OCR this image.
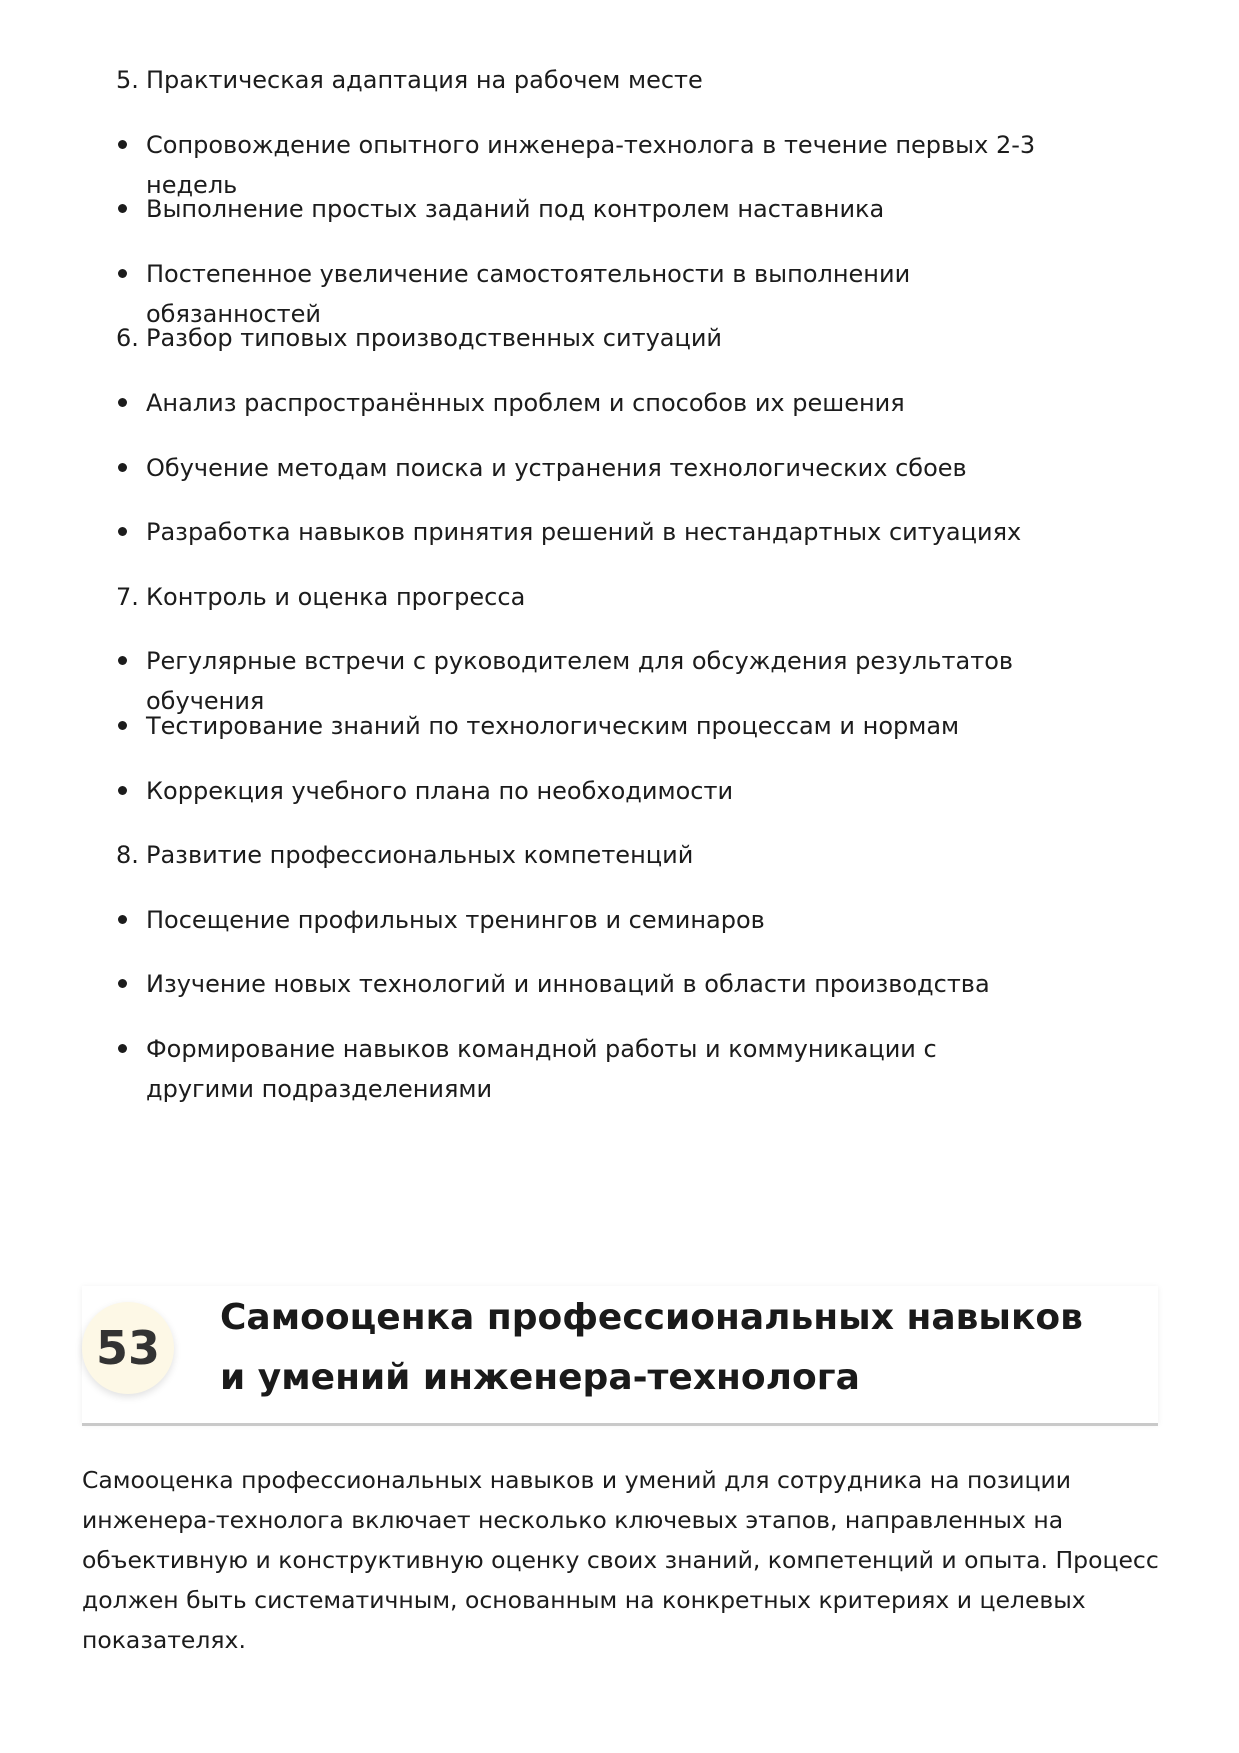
5. Практическая адаптация на рабочем месте
Сопровождение опытного инженера-технолога в течение первых 2-3 недель
Выполнение простых заданий под контролем наставника
Постепенное увеличение самостоятельности в выполнении обязанностей
6. Разбор типовых производственных ситуаций
Анализ распространённых проблем и способов их решения
Обучение методам поиска и устранения технологических сбоев
Разработка навыков принятия решений в нестандартных ситуациях
7. Контроль и оценка прогресса
Регулярные встречи с руководителем для обсуждения результатов обучения
Тестирование знаний по технологическим процессам и нормам
Коррекция учебного плана по необходимости
8. Развитие профессиональных компетенций
Посещение профильных тренингов и семинаров
Изучение новых технологий и инноваций в области производства
Формирование навыков командной работы и коммуникации с другими подразделениями
53
Самооценка профессиональных навыков и умений инженера-технолога
Самооценка профессиональных навыков и умений для сотрудника на позиции инженера-технолога включает несколько ключевых этапов, направленных на объективную и конструктивную оценку своих знаний, компетенций и опыта. Процесс должен быть систематичным, основанным на конкретных критериях и целевых показателях.
